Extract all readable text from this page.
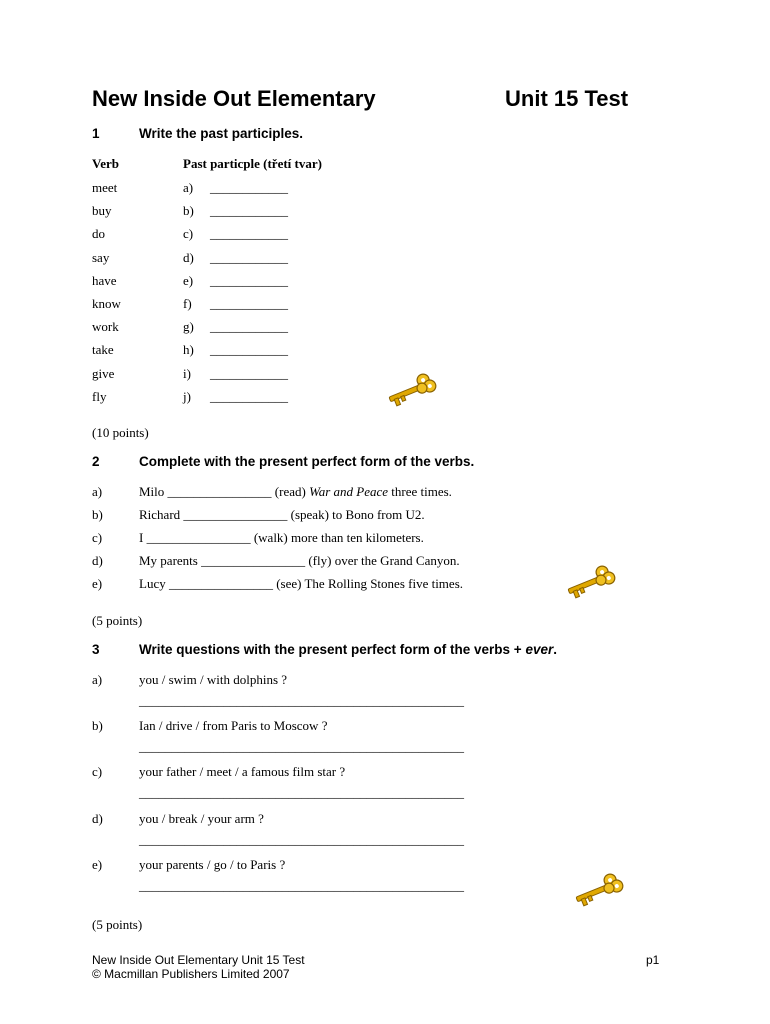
New Inside Out Elementary	Unit 15 Test
1	Write the past participles.
Verb	Past particple (třetí tvar)
meet	a) ____________
buy	b) ____________
do	c) ____________
say	d) ____________
have	e) ____________
know	f) ____________
work	g) ____________
take	h) ____________
give	i) ____________
fly	j) ____________
(10 points)
2	Complete with the present perfect form of the verbs.
a)	Milo ________________ (read) War and Peace three times.
b)	Richard ________________ (speak) to Bono from U2.
c)	I ________________ (walk) more than ten kilometers.
d)	My parents ________________ (fly) over the Grand Canyon.
e)	Lucy ________________ (see) The Rolling Stones five times.
(5 points)
3	Write questions with the present perfect form of the verbs + ever.
a)	you / swim / with dolphins ?
__________________________________________________
b)	Ian / drive / from Paris to Moscow ?
__________________________________________________
c)	your father / meet / a famous film star ?
__________________________________________________
d)	you / break / your arm ?
__________________________________________________
e)	your parents / go / to Paris ?
__________________________________________________
(5 points)
New Inside Out Elementary Unit 15 Test
© Macmillan Publishers Limited 2007
p1
